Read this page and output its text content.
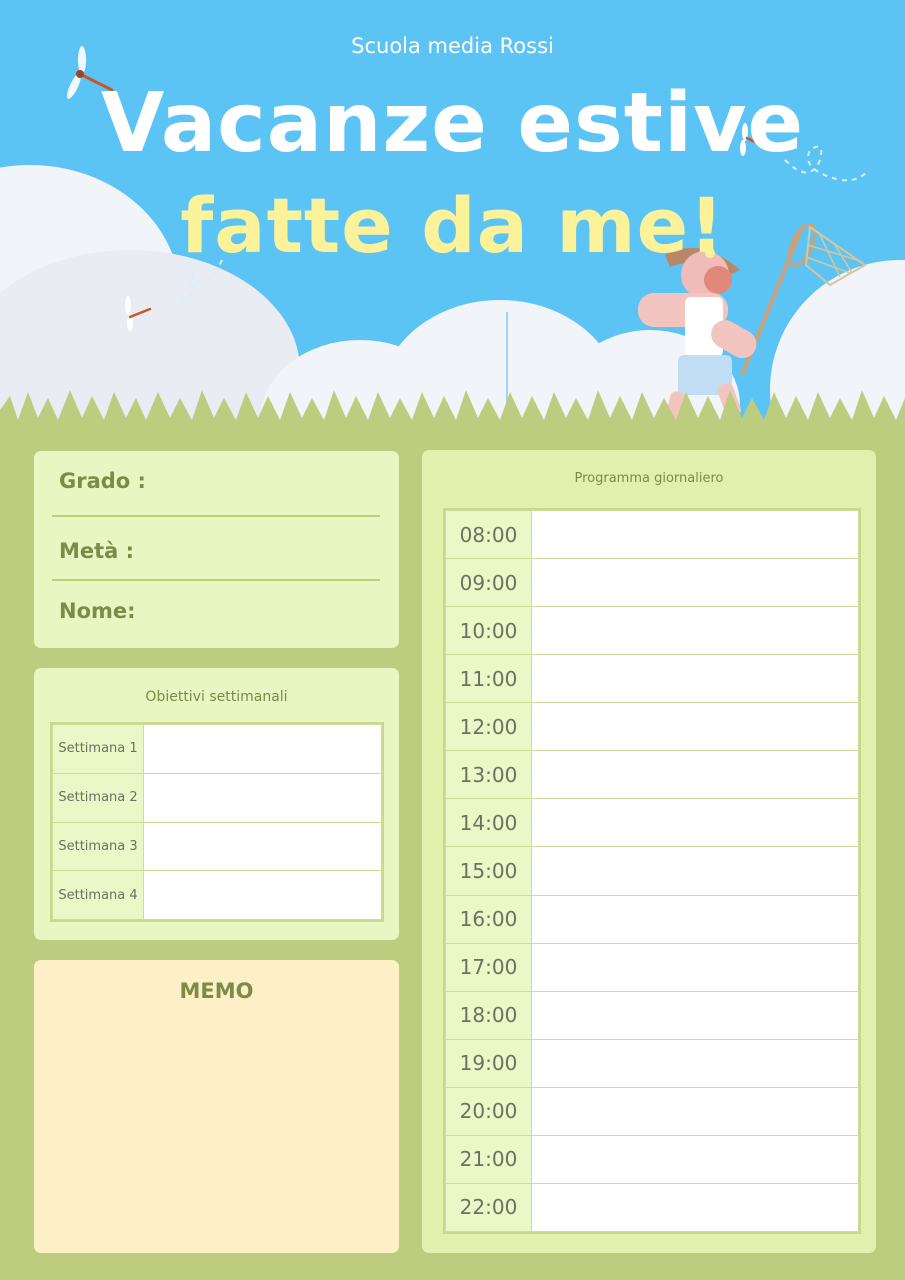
Scuola media Rossi
Vacanze estive
fatte da me!
Grado :
Metà :
Nome:
Obiettivi settimanali
Settimana 1	
Settimana 2	
Settimana 3	
Settimana 4	
MEMO
Programma giornaliero
08:00	
09:00	
10:00	
11:00	
12:00	
13:00	
14:00	
15:00	
16:00	
17:00	
18:00	
19:00	
20:00	
21:00	
22:00	
